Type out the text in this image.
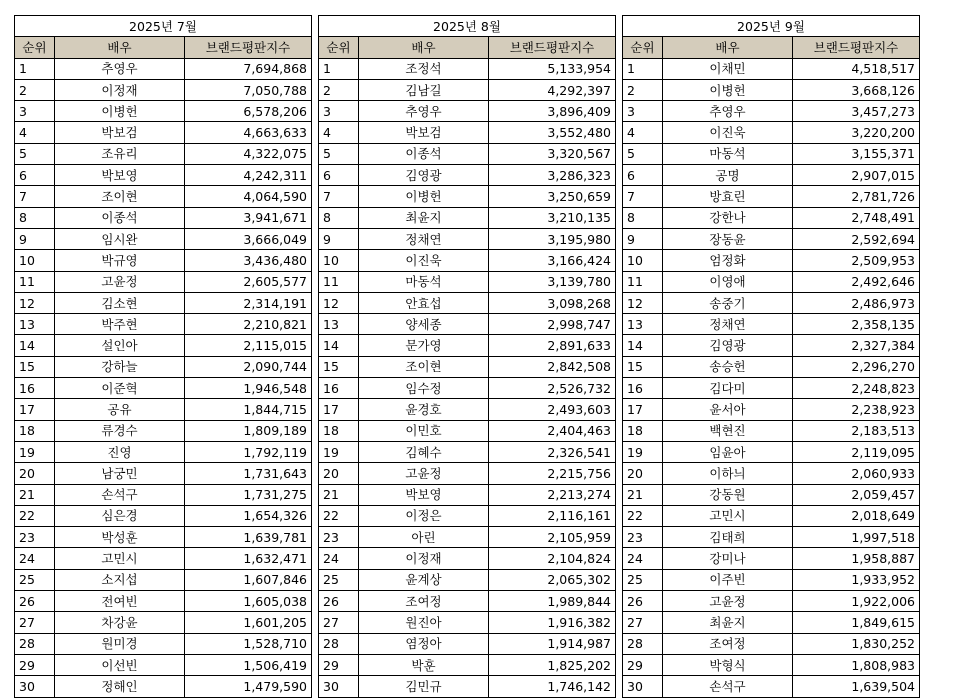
2025년 7월		
순위	배우	브랜드평판지수
1	추영우	7,694,868
2	이정재	7,050,788
3	이병헌	6,578,206
4	박보검	4,663,633
5	조유리	4,322,075
6	박보영	4,242,311
7	조이현	4,064,590
8	이종석	3,941,671
9	임시완	3,666,049
10	박규영	3,436,480
11	고윤정	2,605,577
12	김소현	2,314,191
13	박주현	2,210,821
14	설인아	2,115,015
15	강하늘	2,090,744
16	이준혁	1,946,548
17	공유	1,844,715
18	류경수	1,809,189
19	진영	1,792,119
20	남궁민	1,731,643
21	손석구	1,731,275
22	심은경	1,654,326
23	박성훈	1,639,781
24	고민시	1,632,471
25	소지섭	1,607,846
26	전여빈	1,605,038
27	차강윤	1,601,205
28	원미경	1,528,710
29	이선빈	1,506,419
30	정해인	1,479,590
2025년 8월		
순위	배우	브랜드평판지수
1	조정석	5,133,954
2	김남길	4,292,397
3	추영우	3,896,409
4	박보검	3,552,480
5	이종석	3,320,567
6	김영광	3,286,323
7	이병헌	3,250,659
8	최윤지	3,210,135
9	정채연	3,195,980
10	이진욱	3,166,424
11	마동석	3,139,780
12	안효섭	3,098,268
13	양세종	2,998,747
14	문가영	2,891,633
15	조이현	2,842,508
16	임수정	2,526,732
17	윤경호	2,493,603
18	이민호	2,404,463
19	김혜수	2,326,541
20	고윤정	2,215,756
21	박보영	2,213,274
22	이정은	2,116,161
23	아린	2,105,959
24	이정재	2,104,824
25	윤계상	2,065,302
26	조여정	1,989,844
27	원진아	1,916,382
28	염정아	1,914,987
29	박훈	1,825,202
30	김민규	1,746,142
2025년 9월		
순위	배우	브랜드평판지수
1	이채민	4,518,517
2	이병헌	3,668,126
3	추영우	3,457,273
4	이진욱	3,220,200
5	마동석	3,155,371
6	공명	2,907,015
7	방효린	2,781,726
8	강한나	2,748,491
9	장동윤	2,592,694
10	엄정화	2,509,953
11	이영애	2,492,646
12	송중기	2,486,973
13	정채연	2,358,135
14	김영광	2,327,384
15	송승헌	2,296,270
16	김다미	2,248,823
17	윤서아	2,238,923
18	백현진	2,183,513
19	임윤아	2,119,095
20	이하늬	2,060,933
21	강동원	2,059,457
22	고민시	2,018,649
23	김태희	1,997,518
24	강미나	1,958,887
25	이주빈	1,933,952
26	고윤정	1,922,006
27	최윤지	1,849,615
28	조여정	1,830,252
29	박형식	1,808,983
30	손석구	1,639,504
